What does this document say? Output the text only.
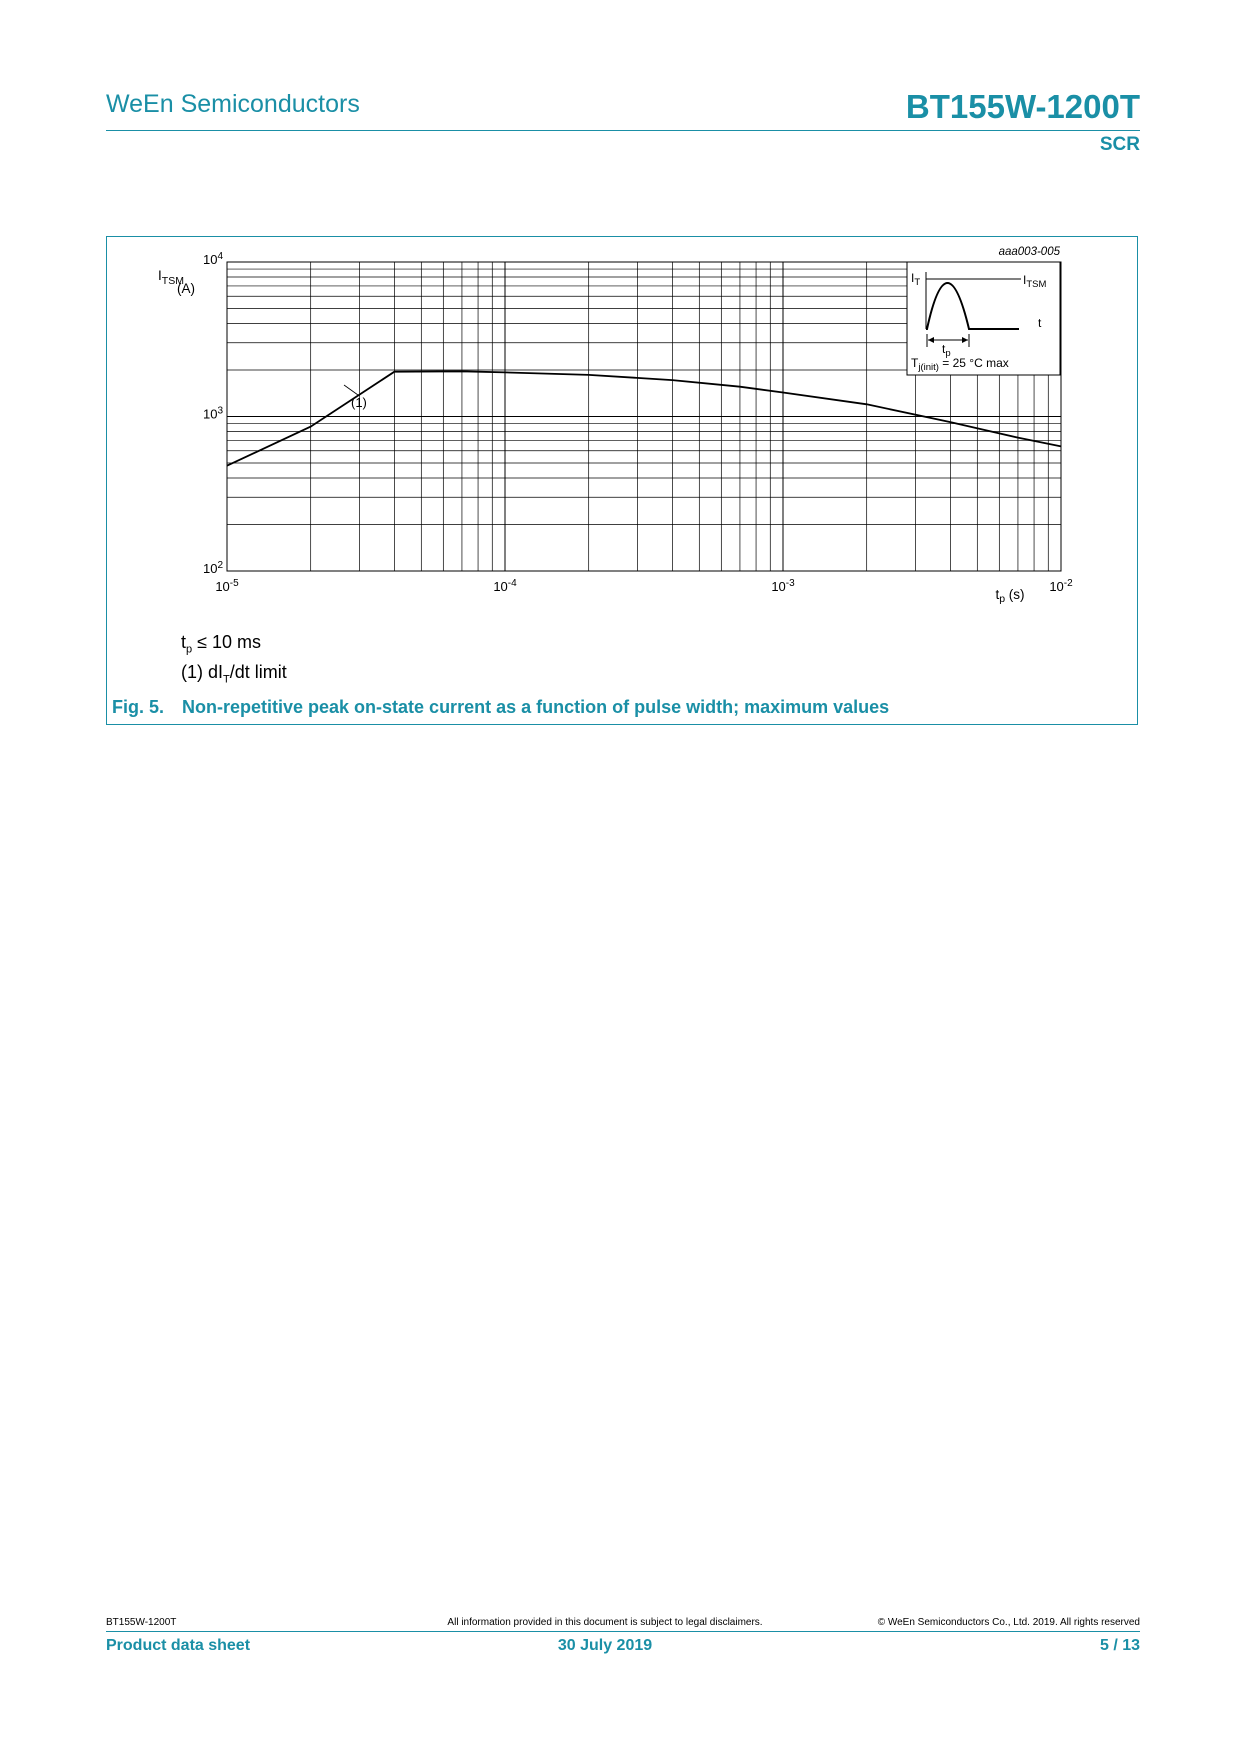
WeEn Semiconductors	BT155W-1200T
SCR
$10^{-5}$	$10^{-4}$	$10^{-3}$	$10^{-2}$
$10^2$
$10^3$
$10^4$	aaa003-005
$I_{TSM}$
(A)
$t_p$ (s)
(1)
$I_T$	$I_{TSM}$
t
$t_p$
$T_{j(init)} = 25$ °C max
$t_p \le 10$ ms
(1) $dI_T/dt$ limit
Fig. 5. Non-repetitive peak on-state current as a function of pulse width; maximum values
BT155W-1200T	All information provided in this document is subject to legal disclaimers.	© WeEn Semiconductors Co., Ltd. 2019. All rights reserved
Product data sheet	30 July 2019	5 / 13
